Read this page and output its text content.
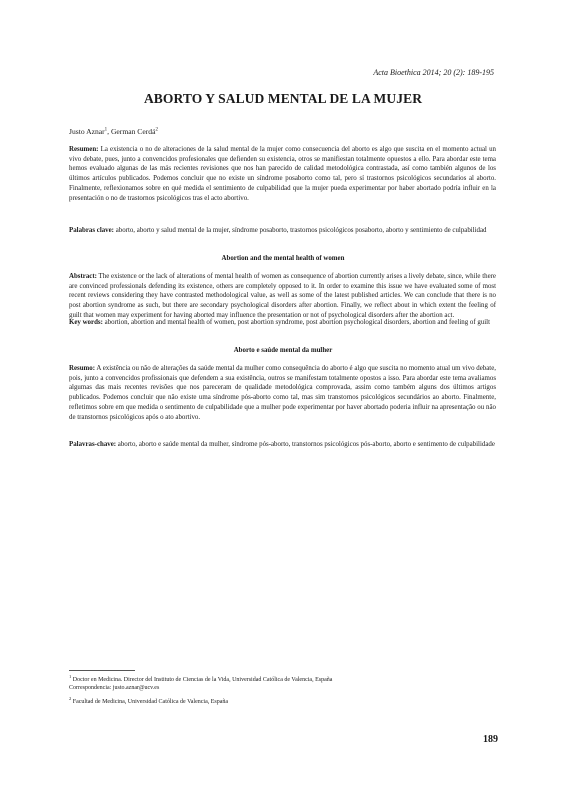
Acta Bioethica 2014; 20 (2): 189-195
ABORTO Y SALUD MENTAL DE LA MUJER
Justo Aznar$^1$, German Cerdá$^2$
Resumen: La existencia o no de alteraciones de la salud mental de la mujer como consecuencia del aborto es algo que suscita en el momento actual un vivo debate, pues, junto a convencidos profesionales que defienden su existencia, otros se manifiestan totalmente opuestos a ello. Para abordar este tema hemos evaluado algunas de las más recientes revisiones que nos han parecido de calidad metodológica contrastada, así como también algunos de los últimos artículos publicados. Podemos concluir que no existe un síndrome posaborto como tal, pero sí trastornos psicológicos secundarios al aborto. Finalmente, reflexionamos sobre en qué medida el sentimiento de culpabilidad que la mujer pueda experimentar por haber abortado podría influir en la presentación o no de trastornos psicológicos tras el acto abortivo.
Palabras clave: aborto, aborto y salud mental de la mujer, síndrome posaborto, trastornos psicológicos posaborto, aborto y sentimiento de culpabilidad
Abortion and the mental health of women
Abstract: The existence or the lack of alterations of mental health of women as consequence of abortion currently arises a lively debate, since, while there are convinced professionals defending its existence, others are completely opposed to it. In order to examine this issue we have evaluated some of most recent reviews considering they have contrasted methodological value, as well as some of the latest published articles. We can conclude that there is no post abortion syndrome as such, but there are secondary psychological disorders after abortion. Finally, we reflect about in which extent the feeling of guilt that women may experiment for having aborted may influence the presentation or not of psychological disorders after the abortion act.
Key words: abortion, abortion and mental health of women, post abortion syndrome, post abortion psychological disorders, abortion and feeling of guilt
Aborto e saúde mental da mulher
Resumo: A existência ou não de alterações da saúde mental da mulher como consequência do aborto é algo que suscita no momento atual um vivo debate, pois, junto a convencidos profissionais que defendem a sua existência, outros se manifestam totalmente opostos a isso. Para abordar este tema avaliamos algumas das mais recentes revisões que nos pareceram de qualidade metodológica comprovada, assim como também alguns dos últimos artigos publicados. Podemos concluir que não existe uma síndrome pós-aborto como tal, mas sim transtornos psicológicos secundários ao aborto. Finalmente, refletimos sobre em que medida o sentimento de culpabilidade que a mulher pode experimentar por haver abortado poderia influir na apresentação ou não de transtornos psicológicos após o ato abortivo.
Palavras-chave: aborto, aborto e saúde mental da mulher, síndrome pós-aborto, transtornos psicológicos pós-aborto, aborto e sentimento de culpabilidade
$^1$ Doctor en Medicina. Director del Instituto de Ciencias de la Vida, Universidad Católica de Valencia, España
Correspondencia: justo.aznar@ucv.es
$^2$ Facultad de Medicina, Universidad Católica de Valencia, España
189
